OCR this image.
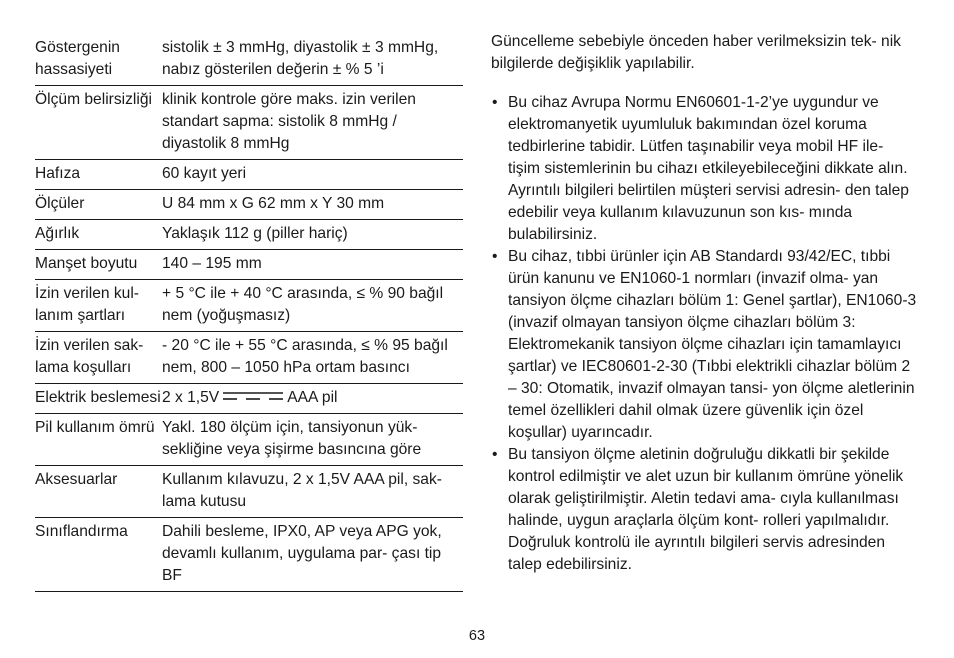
Göstergenin hassasiyeti	sistolik ± 3 mmHg, diyastolik ± 3 mmHg, nabız gösterilen değerin ± % 5 ’i
Ölçüm belirsizliği	klinik kontrole göre maks. izin verilen standart sapma: sistolik 8 mmHg / diyastolik 8 mmHg
Hafıza	60 kayıt yeri
Ölçüler	U 84 mm x G 62 mm x Y 30 mm
Ağırlık	Yaklaşık 112 g (piller hariç)
Manşet boyutu	140 – 195 mm
İzin verilen kul- lanım şartları	+ 5 °C ile + 40 °C arasında, ≤ % 90 bağıl nem (yoğuşmasız)
İzin verilen sak- lama koşulları	- 20 °C ile + 55 °C arasında, ≤ % 95 bağıl nem, 800 – 1050 hPa ortam basıncı
Elektrik beslemesi	2 x 1,5V AAA pil
Pil kullanım ömrü	Yakl. 180 ölçüm için, tansiyonun yük- sekliğine veya şişirme basıncına göre
Aksesuarlar	Kullanım kılavuzu, 2 x 1,5V AAA pil, sak- lama kutusu
Sınıflandırma	Dahili besleme, IPX0, AP veya APG yok, devamlı kullanım, uygulama par- çası tip BF

Güncelleme sebebiyle önceden haber verilmeksizin tek- nik bilgilerde değişiklik yapılabilir.

• Bu cihaz Avrupa Normu EN60601-1-2’ye uygundur ve elektromanyetik uyumluluk bakımından özel koruma tedbirlerine tabidir. Lütfen taşınabilir veya mobil HF ile- tişim sistemlerinin bu cihazı etkileyebileceğini dikkate alın. Ayrıntılı bilgileri belirtilen müşteri servisi adresin- den talep edebilir veya kullanım kılavuzunun son kıs- mında bulabilirsiniz.
• Bu cihaz, tıbbi ürünler için AB Standardı 93/42/EC, tıbbi ürün kanunu ve EN1060-1 normları (invazif olma- yan tansiyon ölçme cihazları bölüm 1: Genel şartlar), EN1060-3 (invazif olmayan tansiyon ölçme cihazları bölüm 3: Elektromekanik tansiyon ölçme cihazları için tamamlayıcı şartlar) ve IEC80601-2-30 (Tıbbi elektrikli cihazlar bölüm 2 – 30: Otomatik, invazif olmayan tansi- yon ölçme aletlerinin temel özellikleri dahil olmak üzere güvenlik için özel koşullar) uyarıncadır.
• Bu tansiyon ölçme aletinin doğruluğu dikkatli bir şekilde kontrol edilmiştir ve alet uzun bir kullanım ömrüne yönelik olarak geliştirilmiştir. Aletin tedavi ama- cıyla kullanılması halinde, uygun araçlarla ölçüm kont- rolleri yapılmalıdır. Doğruluk kontrolü ile ayrıntılı bilgileri servis adresinden talep edebilirsiniz.
63
